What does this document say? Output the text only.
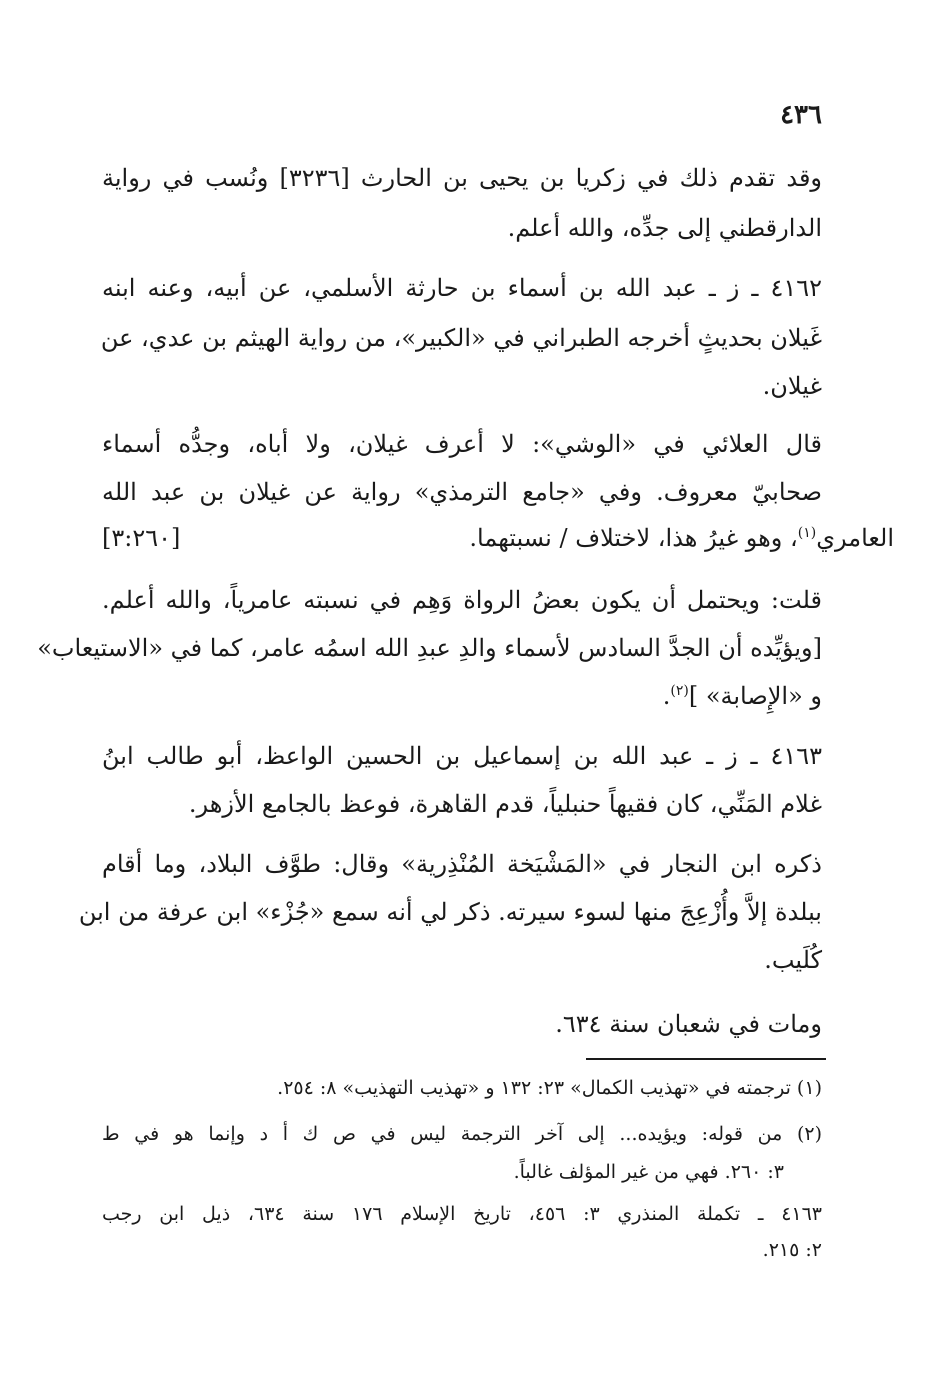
٤٣٦
وقد تقدم ذلك في زكريا بن يحيى بن الحارث [٣٢٣٦] ونُسب في رواية
الدارقطني إلى جدِّه، والله أعلم.
٤١٦٢ ـ ز ـ عبد الله بن أسماء بن حارثة الأسلمي، عن أبيه، وعنه ابنه
غَيلان بحديثٍ أخرجه الطبراني في «الكبير»، من رواية الهيثم بن عدي، عن
غيلان.
قال العلائي في «الوشي»: لا أعرف غيلان، ولا أباه، وجدُّه أسماء
صحابيّ معروف. وفي «جامع الترمذي» رواية عن غيلان بن عبد الله
العامري$^{(١)}$، وهو غيرُ هذا، لاختلاف / نسبتهما.
[٣:٢٦٠]
قلت: ويحتمل أن يكون بعضُ الرواة وَهِم في نسبته عامرياً، والله أعلم.
[ويؤيِّده أن الجدَّ السادس لأسماء والدِ عبدِ الله اسمُه عامر، كما في «الاستيعاب»
و «الإِصابة» ]$^{(٢)}$.
٤١٦٣ ـ ز ـ عبد الله بن إسماعيل بن الحسين الواعظ، أبو طالب ابنُ
غلام المَنِّي، كان فقيهاً حنبلياً، قدم القاهرة، فوعظ بالجامع الأزهر.
ذكره ابن النجار في «المَشْيَخة المُنْذِرية» وقال: طوَّف البلاد، وما أقام
ببلدة إلاَّ وأُزْعِجَ منها لسوء سيرته. ذكر لي أنه سمع «جُزْء» ابن عرفة من ابن
كُلَيب.
ومات في شعبان سنة ٦٣٤.
(١) ترجمته في «تهذيب الكمال» ٢٣: ١٣٢ و «تهذيب التهذيب» ٨: ٢٥٤.
(٢) من قوله: ويؤيده... إلى آخر الترجمة ليس في ص ك أ د وإنما هو في ط
٣: ٢٦٠. فهي من غير المؤلف غالباً.
٤١٦٣ ـ تكملة المنذري ٣: ٤٥٦، تاريخ الإسلام ١٧٦ سنة ٦٣٤، ذيل ابن رجب
٢: ٢١٥.
